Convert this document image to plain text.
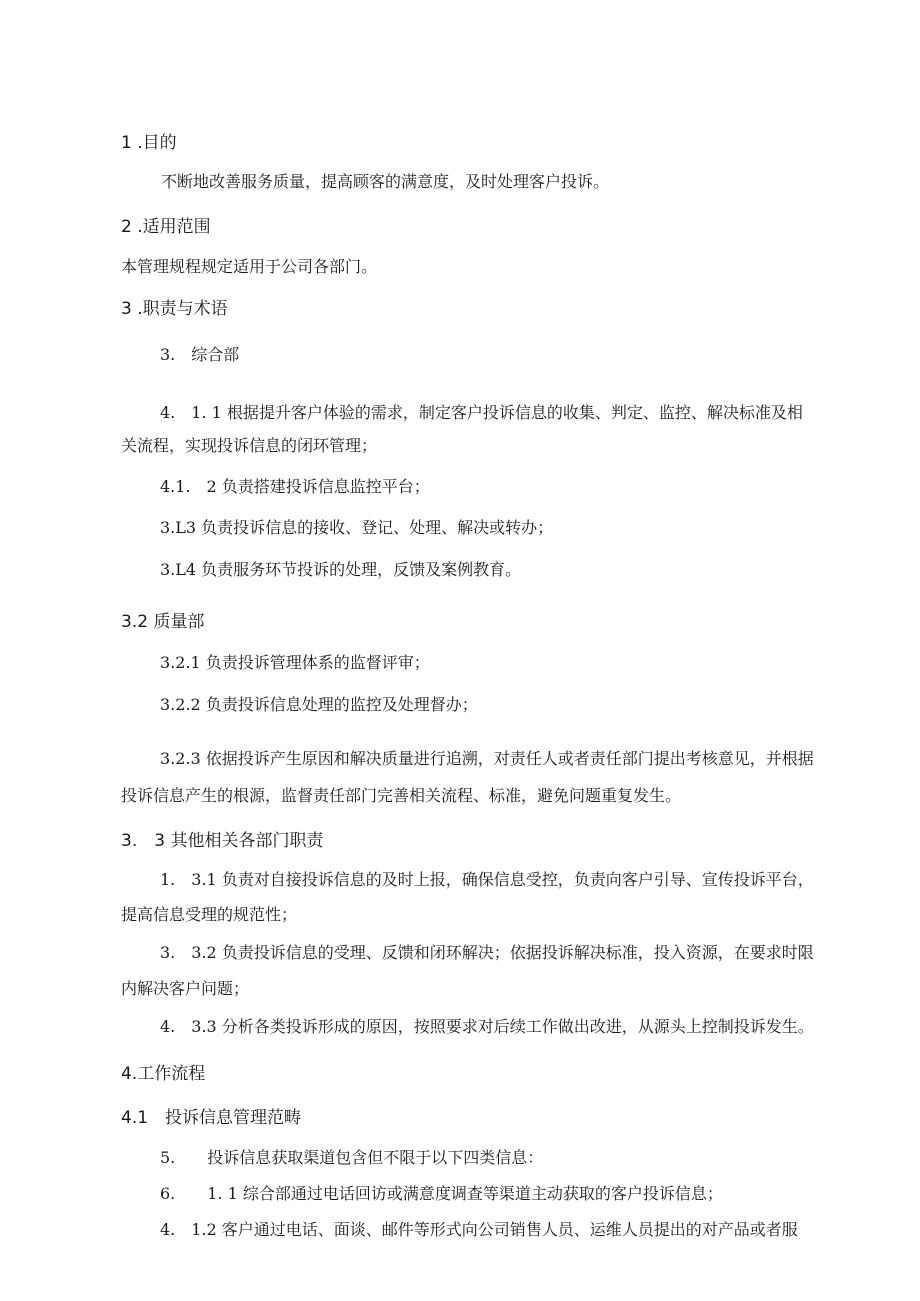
1 .目的
不断地改善服务质量，提高顾客的满意度，及时处理客户投诉。
2 .适用范围
本管理规程规定适用于公司各部门。
3 .职责与术语
3.　综合部
4.　1. 1 根据提升客户体验的需求，制定客户投诉信息的收集、判定、监控、解决标准及相
关流程，实现投诉信息的闭环管理；
4.1.　2 负责搭建投诉信息监控平台；
3.L3 负责投诉信息的接收、登记、处理、解决或转办；
3.L4 负责服务环节投诉的处理，反馈及案例教育。
3.2 质量部
3.2.1 负责投诉管理体系的监督评审；
3.2.2 负责投诉信息处理的监控及处理督办；
3.2.3 依据投诉产生原因和解决质量进行追溯，对责任人或者责任部门提出考核意见，并根据
投诉信息产生的根源，监督责任部门完善相关流程、标准，避免问题重复发生。
3.　3 其他相关各部门职责
1.　3.1 负责对自接投诉信息的及时上报，确保信息受控，负责向客户引导、宣传投诉平台，
提高信息受理的规范性；
3.　3.2 负责投诉信息的受理、反馈和闭环解决；依据投诉解决标准，投入资源，在要求时限
内解决客户问题；
4.　3.3 分析各类投诉形成的原因，按照要求对后续工作做出改进，从源头上控制投诉发生。
4.工作流程
4.1　投诉信息管理范畴
5.　　投诉信息获取渠道包含但不限于以下四类信息：
6.　　1. 1 综合部通过电话回访或满意度调查等渠道主动获取的客户投诉信息；
4.　1.2 客户通过电话、面谈、邮件等形式向公司销售人员、运维人员提出的对产品或者服
